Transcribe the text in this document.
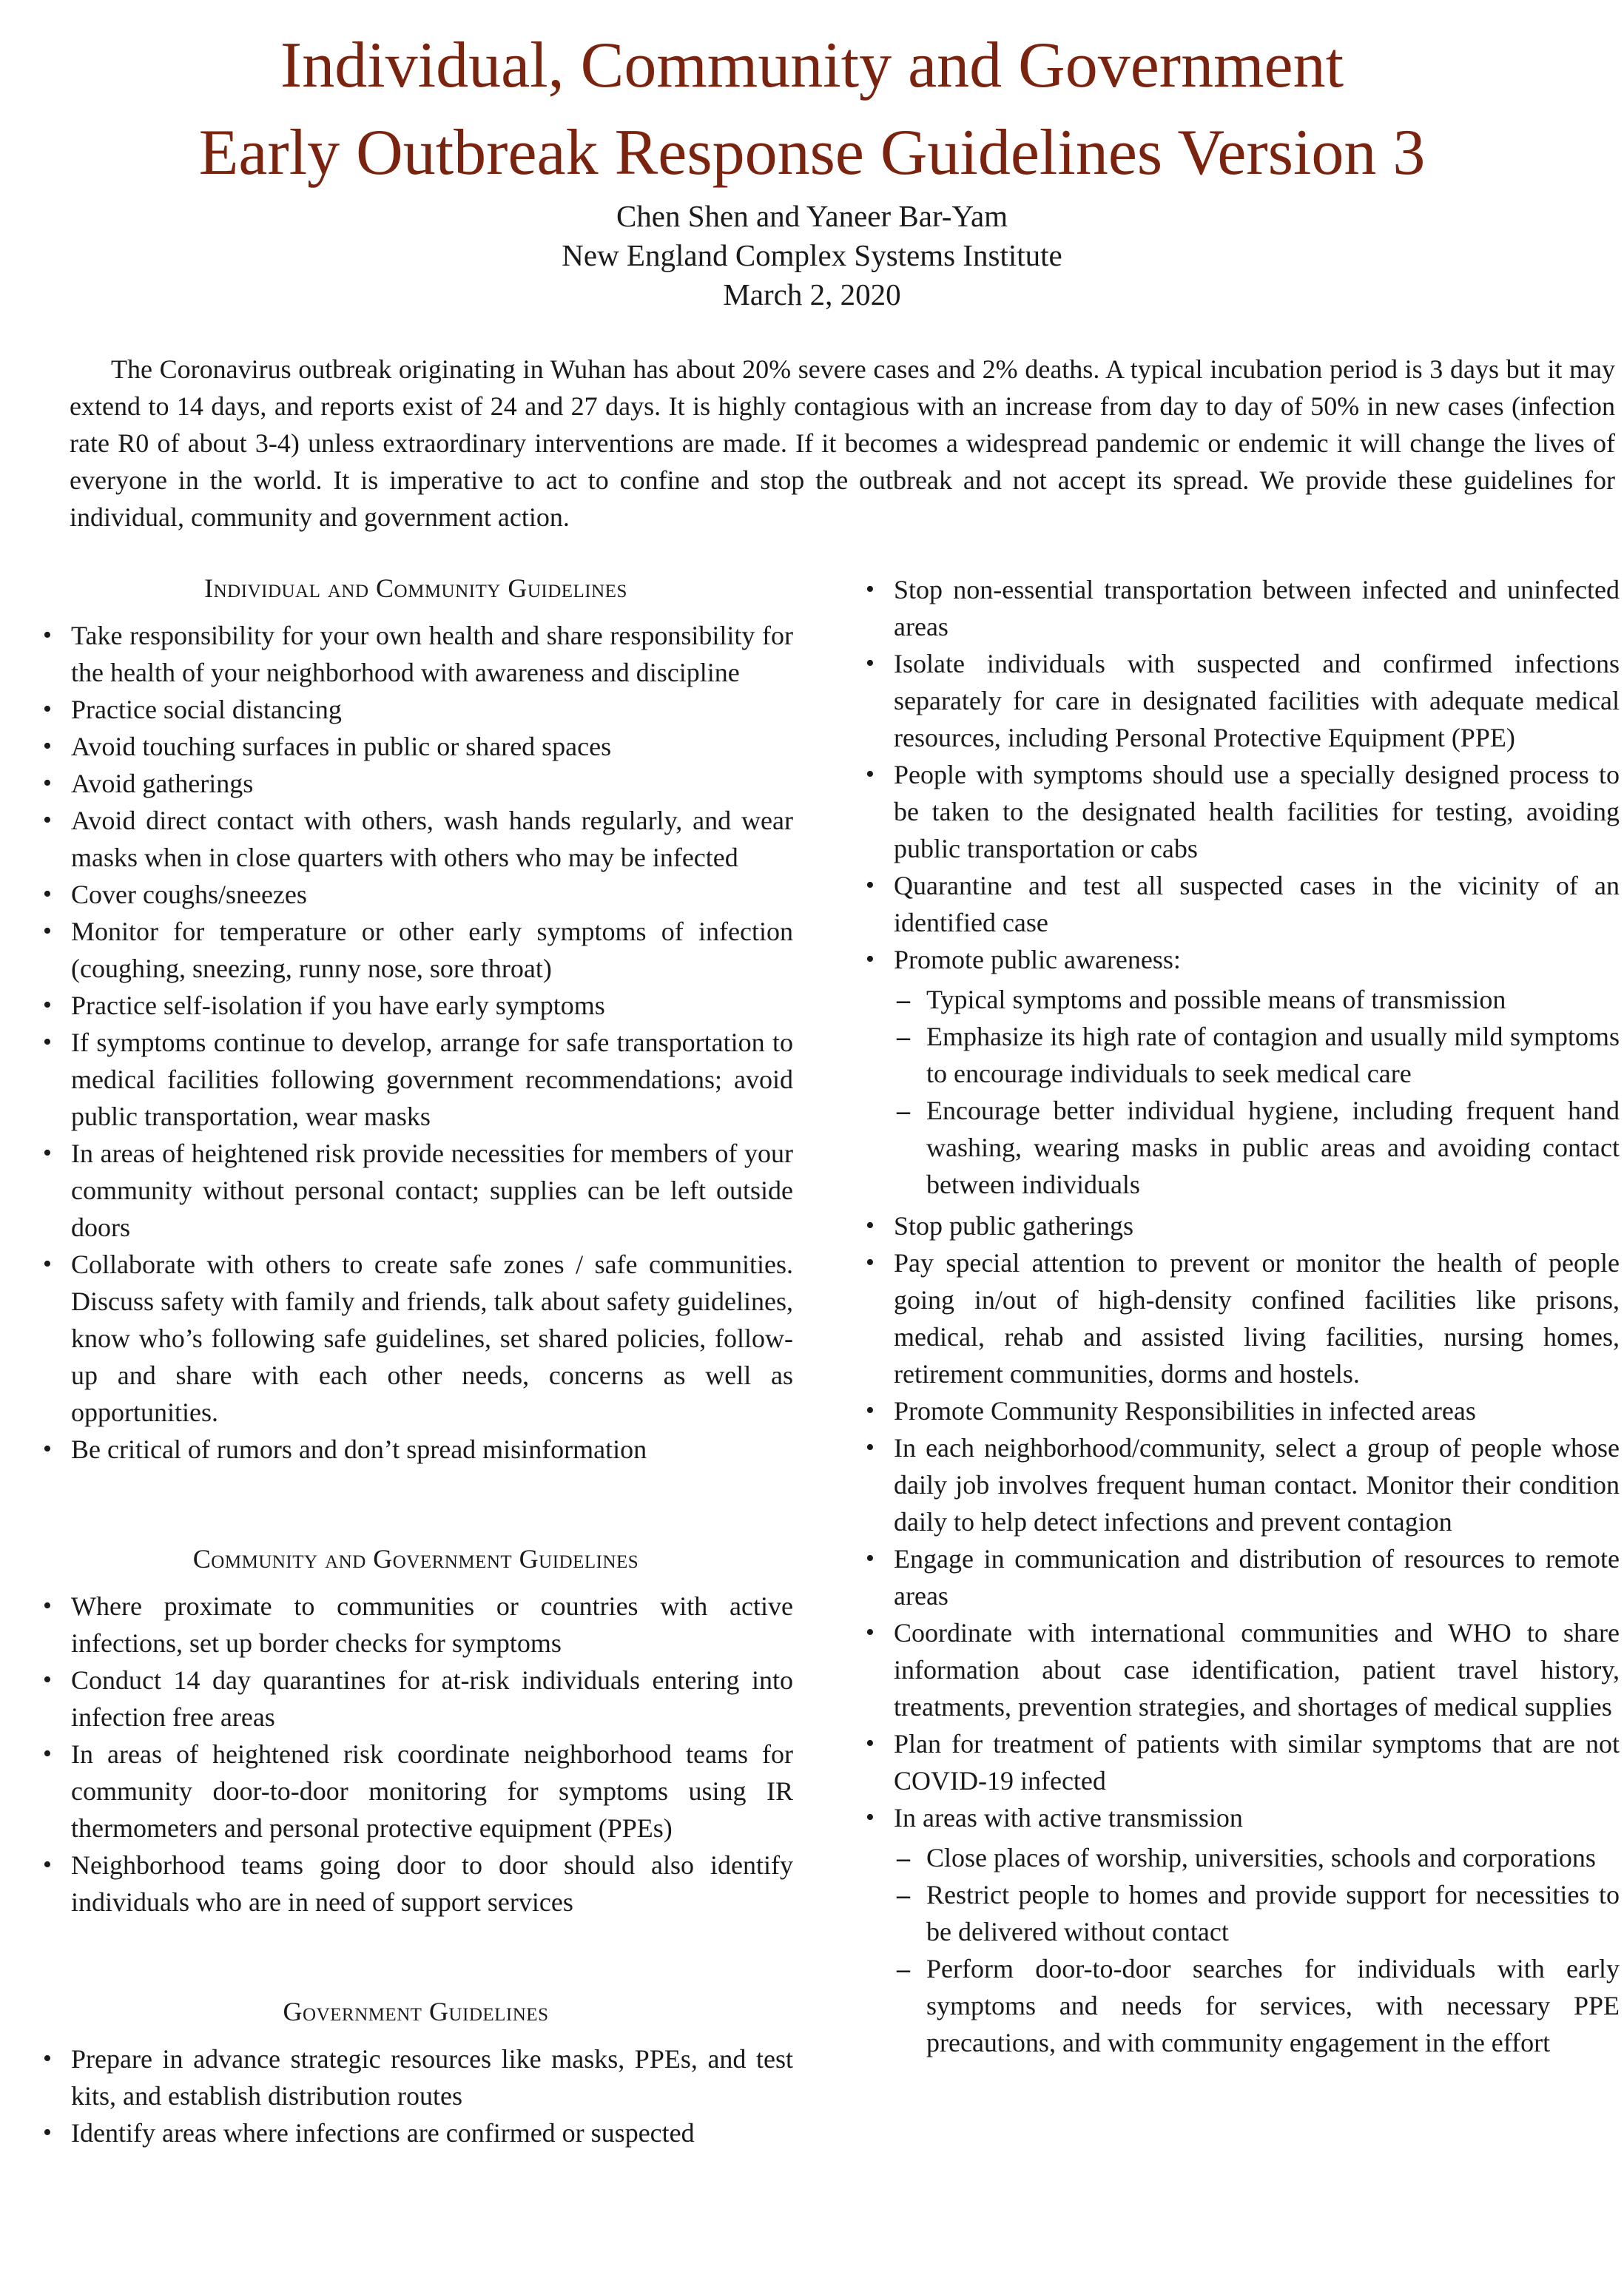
Individual, Community and Government
Early Outbreak Response Guidelines Version 3
Chen Shen and Yaneer Bar-Yam
New England Complex Systems Institute
March 2, 2020

The Coronavirus outbreak originating in Wuhan has about 20% severe cases and 2% deaths. A typical incubation period is 3 days but it may extend to 14 days, and reports exist of 24 and 27 days. It is highly contagious with an increase from day to day of 50% in new cases (infection rate R0 of about 3-4) unless extraordinary interventions are made. If it becomes a widespread pandemic or endemic it will change the lives of everyone in the world. It is imperative to act to confine and stop the outbreak and not accept its spread. We provide these guidelines for individual, community and government action.

Individual and Community Guidelines
• Take responsibility for your own health and share responsibility for the health of your neighborhood with awareness and discipline
• Practice social distancing
• Avoid touching surfaces in public or shared spaces
• Avoid gatherings
• Avoid direct contact with others, wash hands regularly, and wear masks when in close quarters with others who may be infected
• Cover coughs/sneezes
• Monitor for temperature or other early symptoms of infection (coughing, sneezing, runny nose, sore throat)
• Practice self-isolation if you have early symptoms
• If symptoms continue to develop, arrange for safe transportation to medical facilities following government recommendations; avoid public transportation, wear masks
• In areas of heightened risk provide necessities for members of your community without personal contact; supplies can be left outside doors
• Collaborate with others to create safe zones / safe communities. Discuss safety with family and friends, talk about safety guidelines, know who’s following safe guidelines, set shared policies, follow-up and share with each other needs, concerns as well as opportunities.
• Be critical of rumors and don’t spread misinformation
Community and Government Guidelines
• Where proximate to communities or countries with active infections, set up border checks for symptoms
• Conduct 14 day quarantines for at-risk individuals entering into infection free areas
• In areas of heightened risk coordinate neighborhood teams for community door-to-door monitoring for symptoms using IR thermometers and personal protective equipment (PPEs)
• Neighborhood teams going door to door should also identify individuals who are in need of support services
Government Guidelines
• Prepare in advance strategic resources like masks, PPEs, and test kits, and establish distribution routes
• Identify areas where infections are confirmed or suspected
• Stop non-essential transportation between infected and uninfected areas
• Isolate individuals with suspected and confirmed infections separately for care in designated facilities with adequate medical resources, including Personal Protective Equipment (PPE)
• People with symptoms should use a specially designed process to be taken to the designated health facilities for testing, avoiding public transportation or cabs
• Quarantine and test all suspected cases in the vicinity of an identified case
• Promote public awareness:
– Typical symptoms and possible means of transmission
– Emphasize its high rate of contagion and usually mild symptoms to encourage individuals to seek medical care
– Encourage better individual hygiene, including frequent hand washing, wearing masks in public areas and avoiding contact between individuals
• Stop public gatherings
• Pay special attention to prevent or monitor the health of people going in/out of high-density confined facilities like prisons, medical, rehab and assisted living facilities, nursing homes, retirement communities, dorms and hostels.
• Promote Community Responsibilities in infected areas
• In each neighborhood/community, select a group of people whose daily job involves frequent human contact. Monitor their condition daily to help detect infections and prevent contagion
• Engage in communication and distribution of resources to remote areas
• Coordinate with international communities and WHO to share information about case identification, patient travel history, treatments, prevention strategies, and shortages of medical supplies
• Plan for treatment of patients with similar symptoms that are not COVID-19 infected
• In areas with active transmission
– Close places of worship, universities, schools and corporations
– Restrict people to homes and provide support for necessities to be delivered without contact
– Perform door-to-door searches for individuals with early symptoms and needs for services, with necessary PPE precautions, and with community engagement in the effort
